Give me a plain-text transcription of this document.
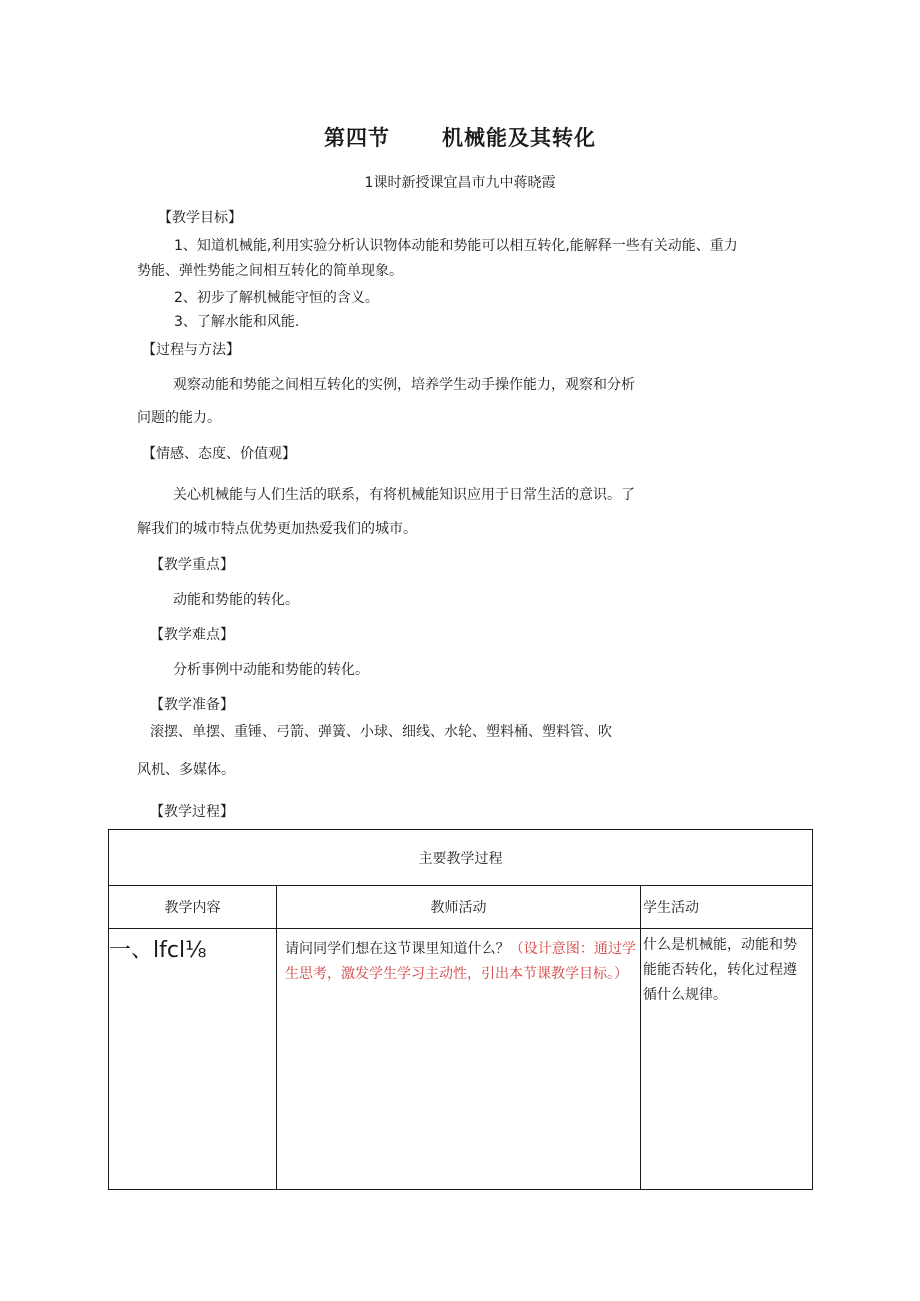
第四节 机械能及其转化
1课时新授课宜昌市九中蒋晓霞
【教学目标】
1、知道机械能,利用实验分析认识物体动能和势能可以相互转化,能解释一些有关动能、重力
势能、弹性势能之间相互转化的简单现象。
2、初步了解机械能守恒的含义。
3、了解水能和风能.
【过程与方法】
观察动能和势能之间相互转化的实例，培养学生动手操作能力，观察和分析
问题的能力。
【情感、态度、价值观】
关心机械能与人们生活的联系，有将机械能知识应用于日常生活的意识。了
解我们的城市特点优势更加热爱我们的城市。
【教学重点】
动能和势能的转化。
【教学难点】
分析事例中动能和势能的转化。
【教学准备】
滚摆、单摆、重锤、弓箭、弹簧、小球、细线、水轮、塑料桶、塑料管、吹
风机、多媒体。
【教学过程】
主要教学过程		
教学内容	教师活动	学生活动
一、lfcl⅛	请问同学们想在这节课里知道什么？（设计意图：通过学生思考，激发学生学习主动性，引出本节课教学目标。）	什么是机械能，动能和势能能否转化，转化过程遵循什么规律。
